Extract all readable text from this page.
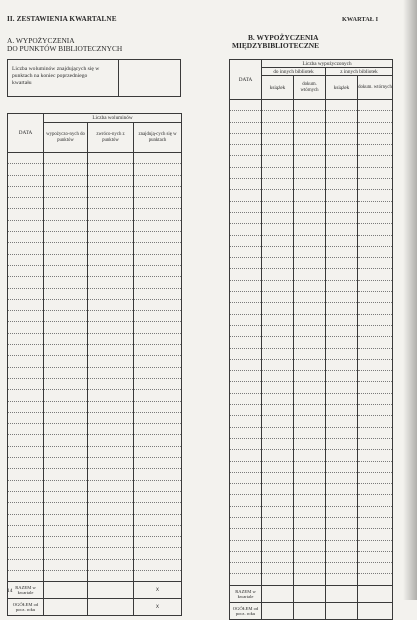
II. ZESTAWIENIA KWARTALNE	KWARTAŁ I
A. WYPOŻYCZENIA
DO PUNKTÓW BIBLIOTECZNYCH
B. WYPOŻYCZENIA
MIĘDZYBIBLIOTECZNE
Liczba woluminów znajdujących się w punktach na koniec poprzedniego kwartału
DATA	Liczba woluminów		
	wypożyczo-nych do punktów	zwróco-nych z punktów	znajdują-cych się w punktach

RAZEM w kwartale			X
OGÓŁEM od pocz. roku			X
DATA	Liczba wypożyczonych			
	do innych bibliotek		z innych bibliotek	
	książek	dokum. wtórnych	książek	dokum. wtórnych

RAZEM w kwartale				
OGÓŁEM od pocz. roku				
14
